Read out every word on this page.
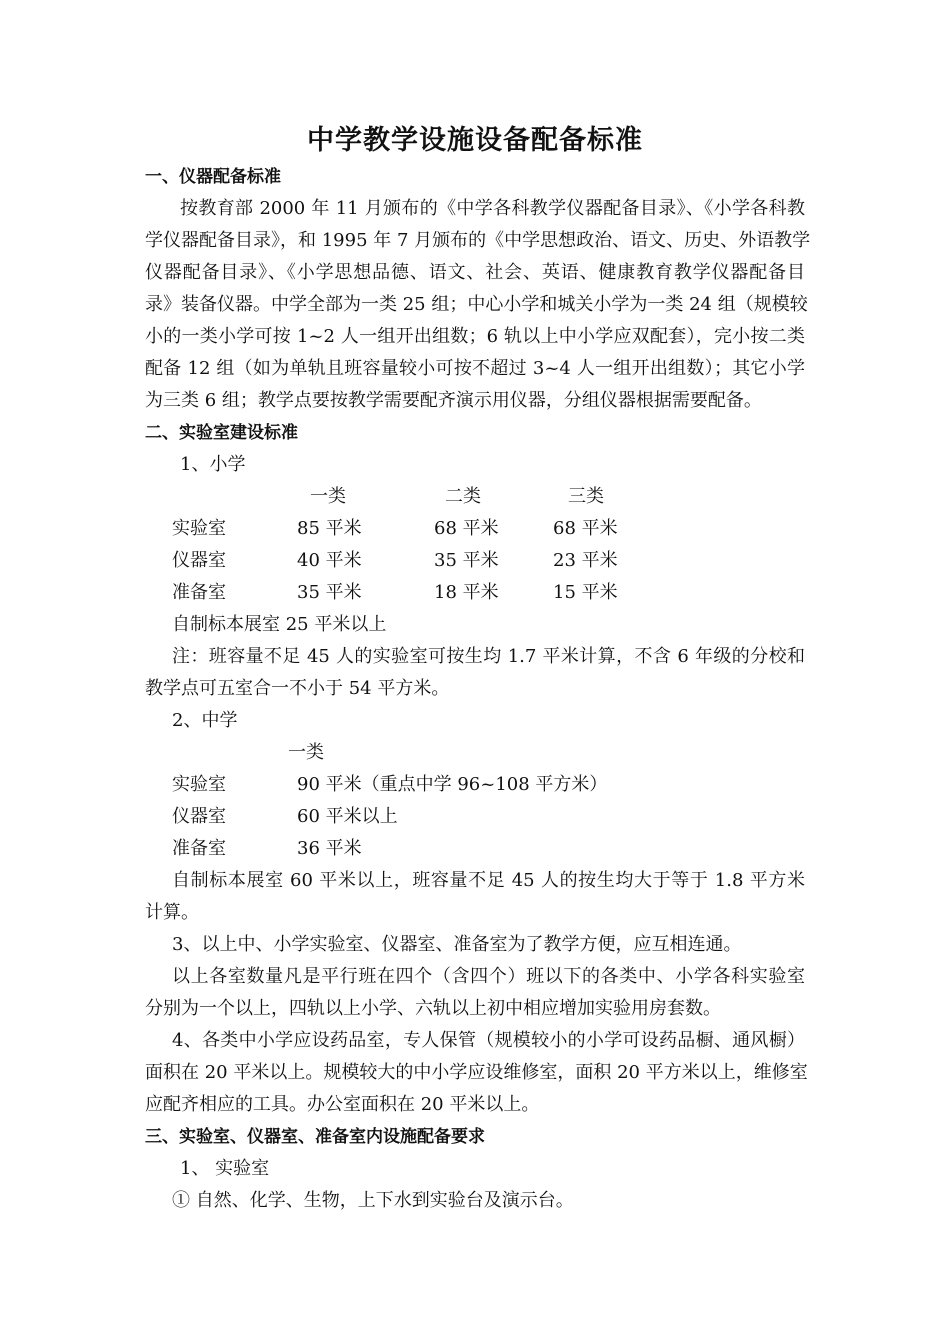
中学教学设施设备配备标准
一、仪器配备标准
按教育部 2000 年 11 月颁布的《中学各科教学仪器配备目录》、《小学各科教
学仪器配备目录》，和 1995 年 7 月颁布的《中学思想政治、语文、历史、外语教学
仪器配备目录》、《小学思想品德、语文、社会、英语、健康教育教学仪器配备目
录》装备仪器。中学全部为一类 25 组；中心小学和城关小学为一类 24 组（规模较
小的一类小学可按 1~2 人一组开出组数；6 轨以上中小学应双配套），完小按二类
配备 12 组（如为单轨且班容量较小可按不超过 3~4 人一组开出组数）；其它小学
为三类 6 组；教学点要按教学需要配齐演示用仪器，分组仪器根据需要配备。
二、实验室建设标准
1、小学
一类	二类	三类
实验室	85 平米	68 平米	68 平米
仪器室	40 平米	35 平米	23 平米
准备室	35 平米	18 平米	15 平米
自制标本展室 25 平米以上
注：班容量不足 45 人的实验室可按生均 1.7 平米计算，不含 6 年级的分校和
教学点可五室合一不小于 54 平方米。
2、中学
一类
实验室	90 平米（重点中学 96~108 平方米）
仪器室	60 平米以上
准备室	36 平米
自制标本展室 60 平米以上，班容量不足 45 人的按生均大于等于 1.8 平方米
计算。
3、以上中、小学实验室、仪器室、准备室为了教学方便，应互相连通。
以上各室数量凡是平行班在四个（含四个）班以下的各类中、小学各科实验室
分别为一个以上，四轨以上小学、六轨以上初中相应增加实验用房套数。
4、各类中小学应设药品室，专人保管（规模较小的小学可设药品橱、通风橱）
面积在 20 平米以上。规模较大的中小学应设维修室，面积 20 平方米以上，维修室
应配齐相应的工具。办公室面积在 20 平米以上。
三、实验室、仪器室、准备室内设施配备要求
1、 实验室
① 自然、化学、生物，上下水到实验台及演示台。
